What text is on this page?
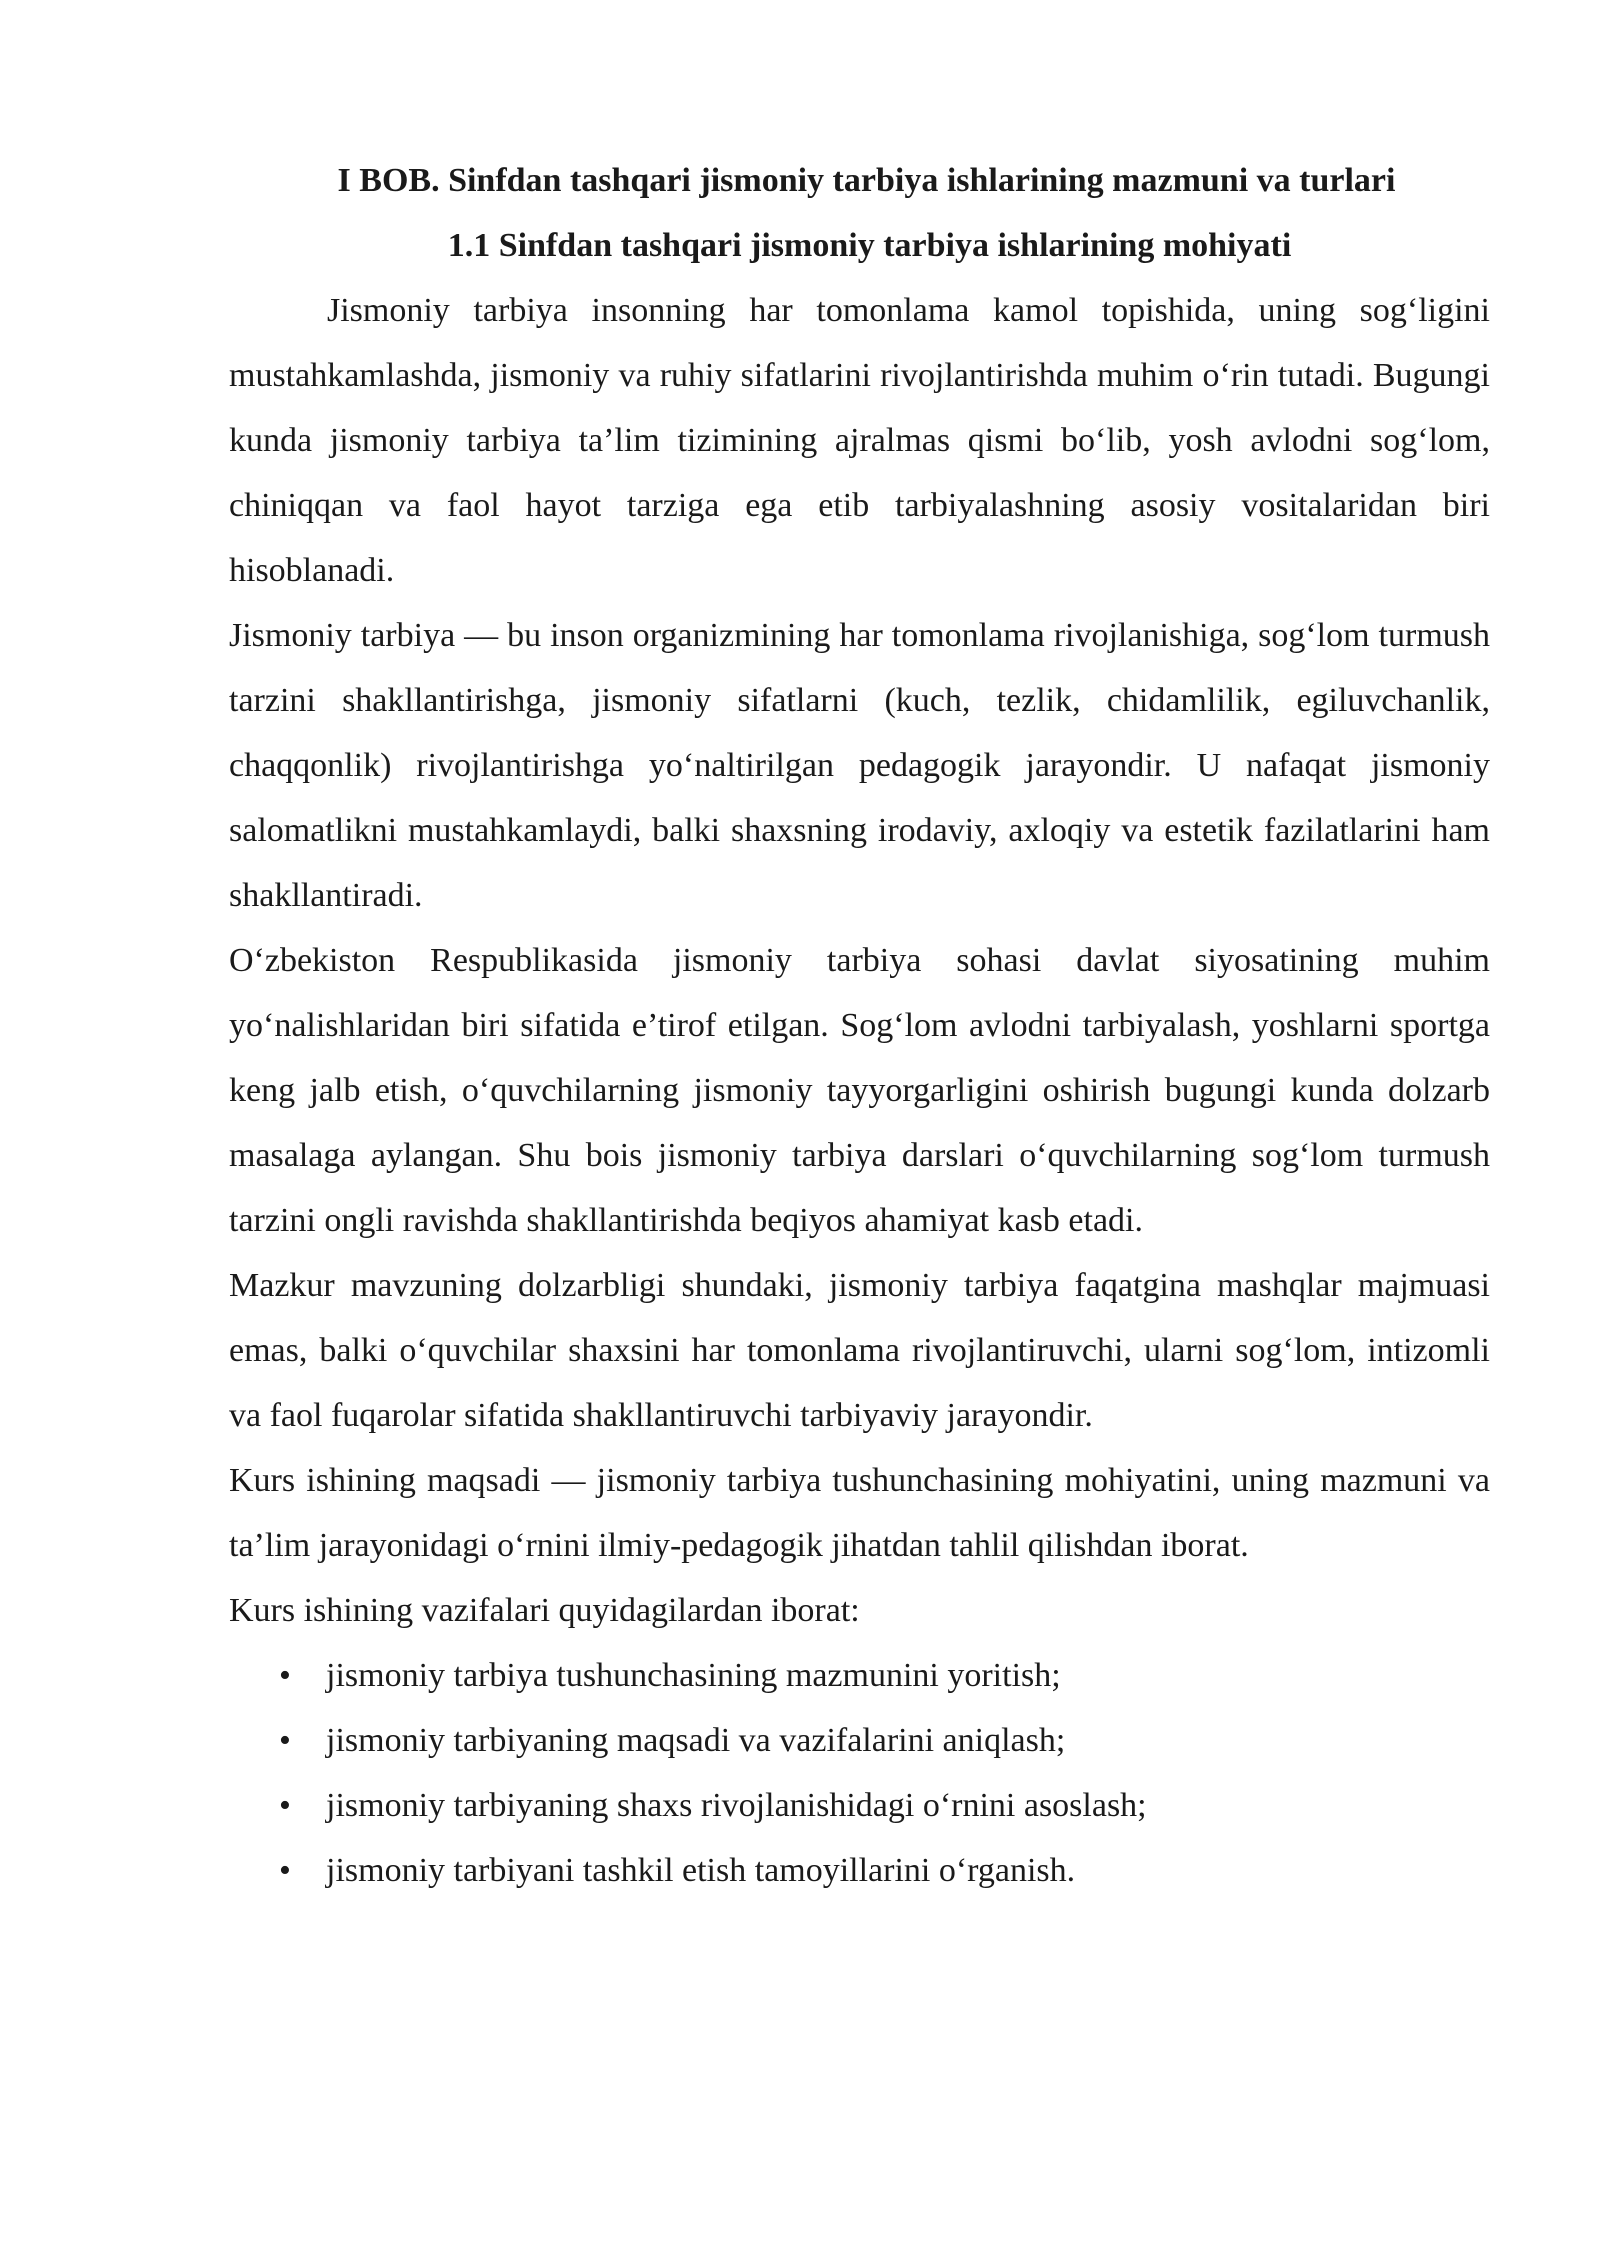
I BOB. Sinfdan tashqari jismoniy tarbiya ishlarining mazmuni va turlari
1.1 Sinfdan tashqari jismoniy tarbiya ishlarining mohiyati

Jismoniy tarbiya insonning har tomonlama kamol topishida, uning sog‘ligini mustahkamlashda, jismoniy va ruhiy sifatlarini rivojlantirishda muhim o‘rin tutadi. Bugungi kunda jismoniy tarbiya ta’lim tizimining ajralmas qismi bo‘lib, yosh avlodni sog‘lom, chiniqqan va faol hayot tarziga ega etib tarbiyalashning asosiy vositalaridan biri hisoblanadi.

Jismoniy tarbiya — bu inson organizmining har tomonlama rivojlanishiga, sog‘lom turmush tarzini shakllantirishga, jismoniy sifatlarni (kuch, tezlik, chidamlilik, egiluvchanlik, chaqqonlik) rivojlantirishga yo‘naltirilgan pedagogik jarayondir. U nafaqat jismoniy salomatlikni mustahkamlaydi, balki shaxsning irodaviy, axloqiy va estetik fazilatlarini ham shakllantiradi.

O‘zbekiston Respublikasida jismoniy tarbiya sohasi davlat siyosatining muhim yo‘nalishlaridan biri sifatida e’tirof etilgan. Sog‘lom avlodni tarbiyalash, yoshlarni sportga keng jalb etish, o‘quvchilarning jismoniy tayyorgarligini oshirish bugungi kunda dolzarb masalaga aylangan. Shu bois jismoniy tarbiya darslari o‘quvchilarning sog‘lom turmush tarzini ongli ravishda shakllantirishda beqiyos ahamiyat kasb etadi.

Mazkur mavzuning dolzarbligi shundaki, jismoniy tarbiya faqatgina mashqlar majmuasi emas, balki o‘quvchilar shaxsini har tomonlama rivojlantiruvchi, ularni sog‘lom, intizomli va faol fuqarolar sifatida shakllantiruvchi tarbiyaviy jarayondir.

Kurs ishining maqsadi — jismoniy tarbiya tushunchasining mohiyatini, uning mazmuni va ta’lim jarayonidagi o‘rnini ilmiy-pedagogik jihatdan tahlil qilishdan iborat.

Kurs ishining vazifalari quyidagilardan iborat:

• jismoniy tarbiya tushunchasining mazmunini yoritish;
• jismoniy tarbiyaning maqsadi va vazifalarini aniqlash;
• jismoniy tarbiyaning shaxs rivojlanishidagi o‘rnini asoslash;
• jismoniy tarbiyani tashkil etish tamoyillarini o‘rganish.
